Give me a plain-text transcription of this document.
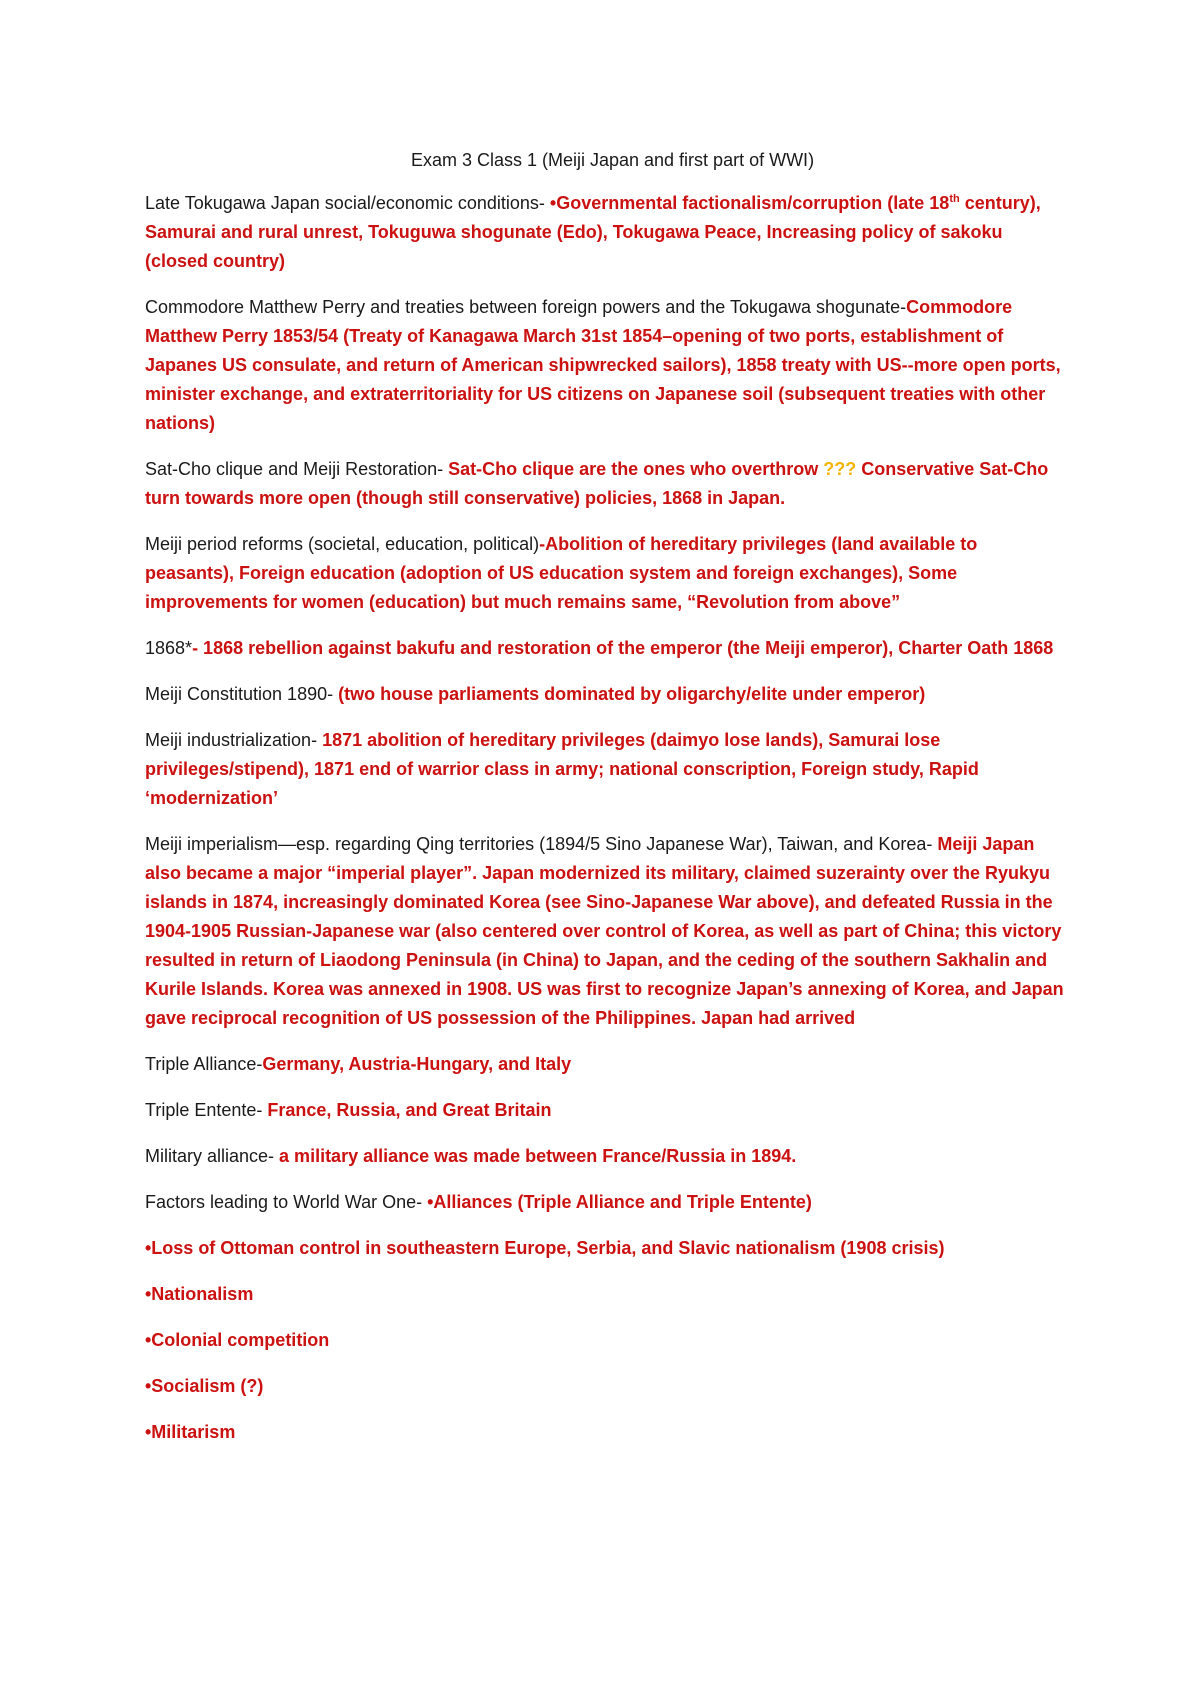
Exam 3 Class 1 (Meiji Japan and first part of WWI)

Late Tokugawa Japan social/economic conditions- •Governmental factionalism/corruption (late 18th century), Samurai and rural unrest, Tokuguwa shogunate (Edo), Tokugawa Peace, Increasing policy of sakoku (closed country)

Commodore Matthew Perry and treaties between foreign powers and the Tokugawa shogunate-Commodore Matthew Perry 1853/54 (Treaty of Kanagawa March 31st 1854–opening of two ports, establishment of Japanes US consulate, and return of American shipwrecked sailors), 1858 treaty with US--more open ports, minister exchange, and extraterritoriality for US citizens on Japanese soil (subsequent treaties with other nations)

Sat-Cho clique and Meiji Restoration- Sat-Cho clique are the ones who overthrow ??? Conservative Sat-Cho turn towards more open (though still conservative) policies, 1868 in Japan.

Meiji period reforms (societal, education, political)-Abolition of hereditary privileges (land available to peasants), Foreign education (adoption of US education system and foreign exchanges), Some improvements for women (education) but much remains same, “Revolution from above”

1868*- 1868 rebellion against bakufu and restoration of the emperor (the Meiji emperor), Charter Oath 1868

Meiji Constitution 1890- (two house parliaments dominated by oligarchy/elite under emperor)

Meiji industrialization- 1871 abolition of hereditary privileges (daimyo lose lands), Samurai lose privileges/stipend), 1871 end of warrior class in army; national conscription, Foreign study, Rapid ‘modernization’

Meiji imperialism—esp. regarding Qing territories (1894/5 Sino Japanese War), Taiwan, and Korea- Meiji Japan also became a major “imperial player”. Japan modernized its military, claimed suzerainty over the Ryukyu islands in 1874, increasingly dominated Korea (see Sino-Japanese War above), and defeated Russia in the 1904-1905 Russian-Japanese war (also centered over control of Korea, as well as part of China; this victory resulted in return of Liaodong Peninsula (in China) to Japan, and the ceding of the southern Sakhalin and Kurile Islands. Korea was annexed in 1908. US was first to recognize Japan’s annexing of Korea, and Japan gave reciprocal recognition of US possession of the Philippines. Japan had arrived

Triple Alliance-Germany, Austria-Hungary, and Italy

Triple Entente- France, Russia, and Great Britain

Military alliance- a military alliance was made between France/Russia in 1894.

Factors leading to World War One- •Alliances (Triple Alliance and Triple Entente)

•Loss of Ottoman control in southeastern Europe, Serbia, and Slavic nationalism (1908 crisis)

•Nationalism

•Colonial competition

•Socialism (?)

•Militarism
